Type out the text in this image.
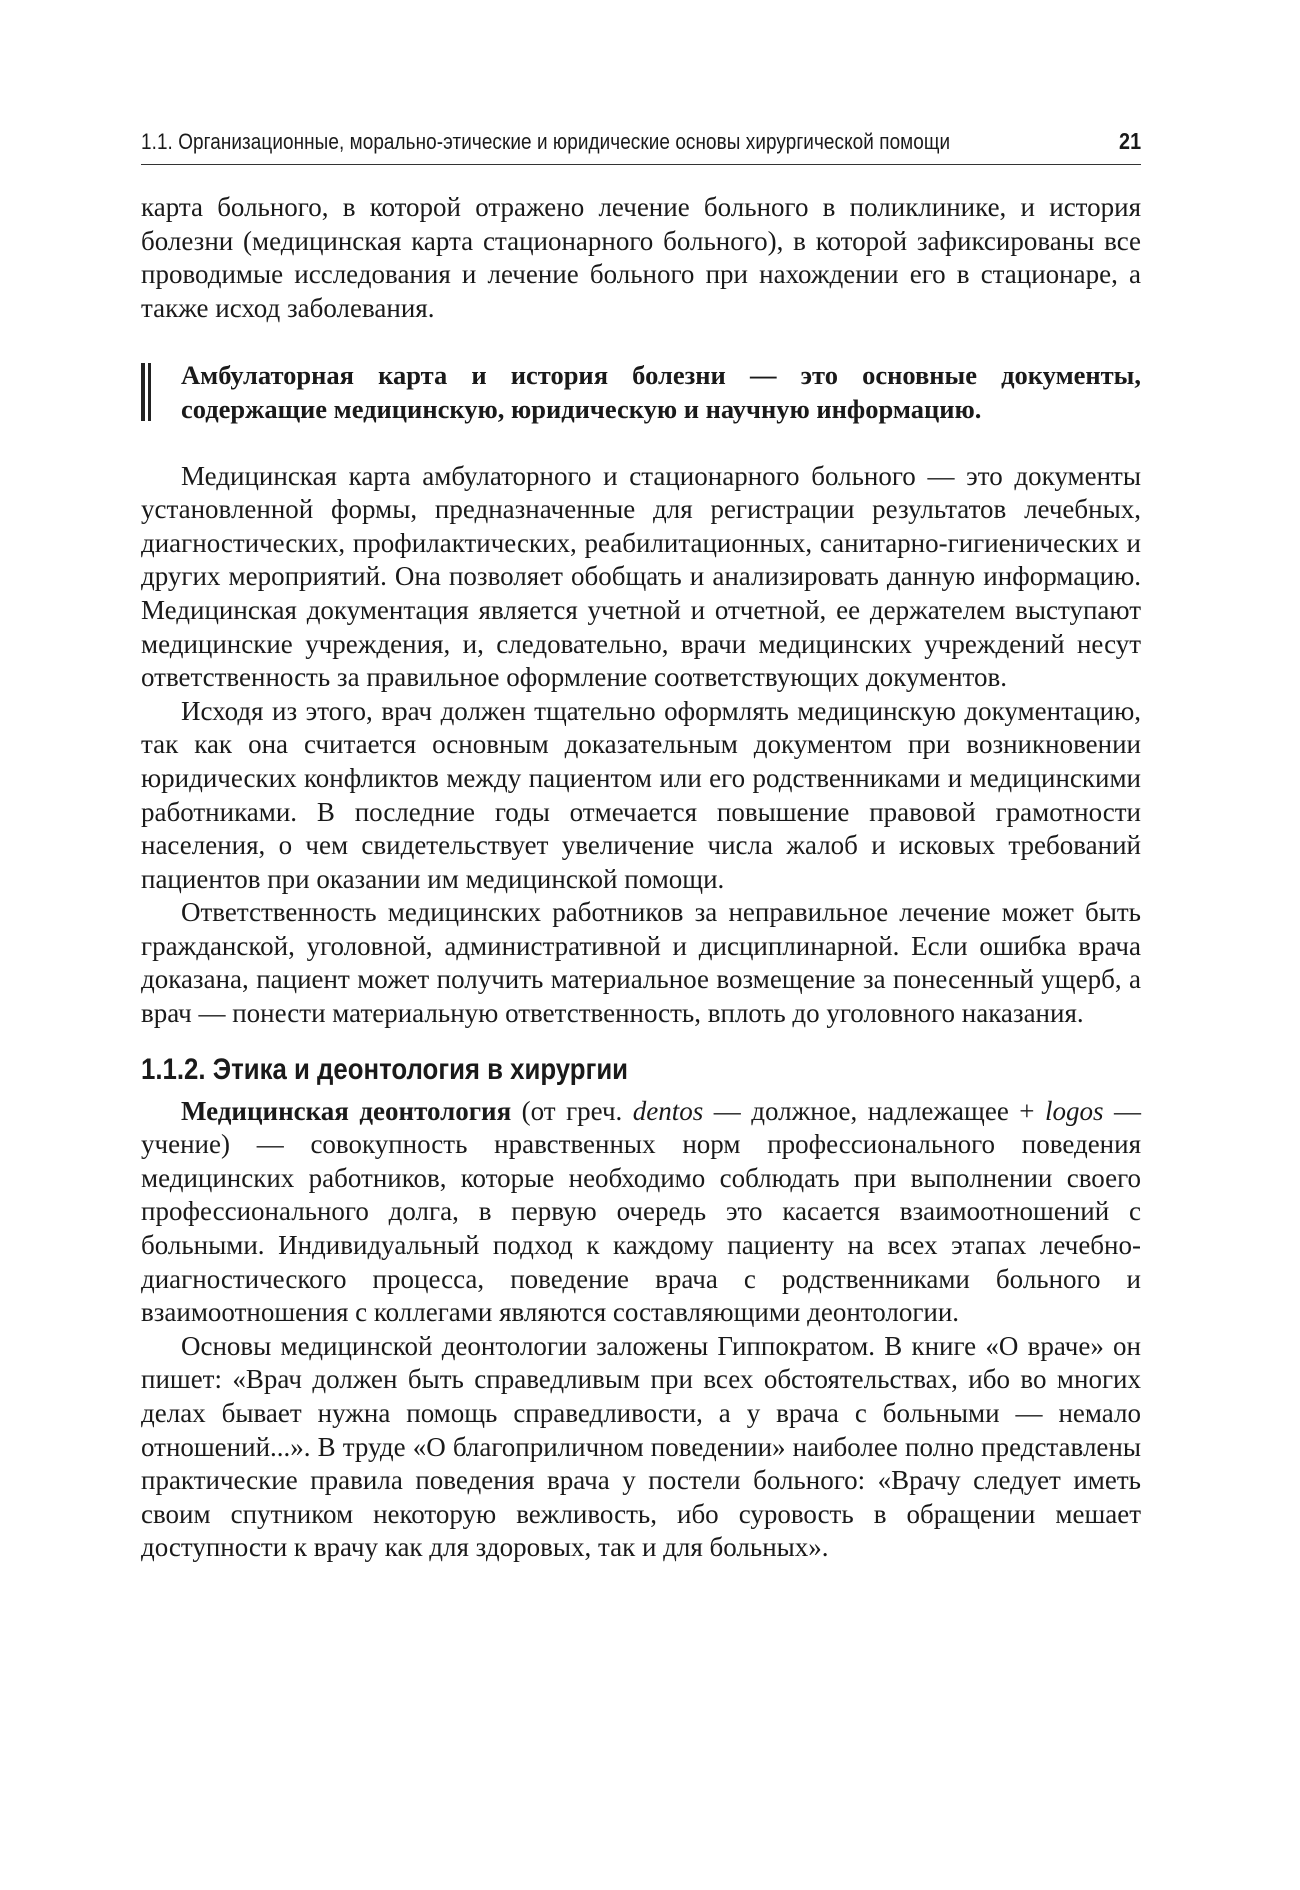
1.1. Организационные, морально-этические и юридические основы хирургической помощи	21

карта больного, в которой отражено лечение больного в поликлинике, и история болезни (медицинская карта стационарного больного), в которой зафиксированы все проводимые исследования и лечение больного при нахождении его в стационаре, а также исход заболевания.

Амбулаторная карта и история болезни — это основные документы, содержащие медицинскую, юридическую и научную информацию.

Медицинская карта амбулаторного и стационарного больного — это документы установленной формы, предназначенные для регистрации результатов лечебных, диагностических, профилактических, реабилитационных, санитарно-гигиенических и других мероприятий. Она позволяет обобщать и анализировать данную информацию. Медицинская документация является учетной и отчетной, ее держателем выступают медицинские учреждения, и, следовательно, врачи медицинских учреждений несут ответственность за правильное оформление соответствующих документов.

Исходя из этого, врач должен тщательно оформлять медицинскую документацию, так как она считается основным доказательным документом при возникновении юридических конфликтов между пациентом или его родственниками и медицинскими работниками. В последние годы отмечается повышение правовой грамотности населения, о чем свидетельствует увеличение числа жалоб и исковых требований пациентов при оказании им медицинской помощи.

Ответственность медицинских работников за неправильное лечение может быть гражданской, уголовной, административной и дисциплинарной. Если ошибка врача доказана, пациент может получить материальное возмещение за понесенный ущерб, а врач — понести материальную ответственность, вплоть до уголовного наказания.

1.1.2. Этика и деонтология в хирургии

Медицинская деонтология (от греч. dentos — должное, надлежащее + logos — учение) — совокупность нравственных норм профессионального поведения медицинских работников, которые необходимо соблюдать при выполнении своего профессионального долга, в первую очередь это касается взаимоотношений с больными. Индивидуальный подход к каждому пациенту на всех этапах лечебно-диагностического процесса, поведение врача с родственниками больного и взаимоотношения с коллегами являются составляющими деонтологии.

Основы медицинской деонтологии заложены Гиппократом. В книге «О враче» он пишет: «Врач должен быть справедливым при всех обстоятельствах, ибо во многих делах бывает нужна помощь справедливости, а у врача с больными — немало отношений...». В труде «О благоприличном поведении» наиболее полно представлены практические правила поведения врача у постели больного: «Врачу следует иметь своим спутником некоторую вежливость, ибо суровость в обращении мешает доступности к врачу как для здоровых, так и для больных».
